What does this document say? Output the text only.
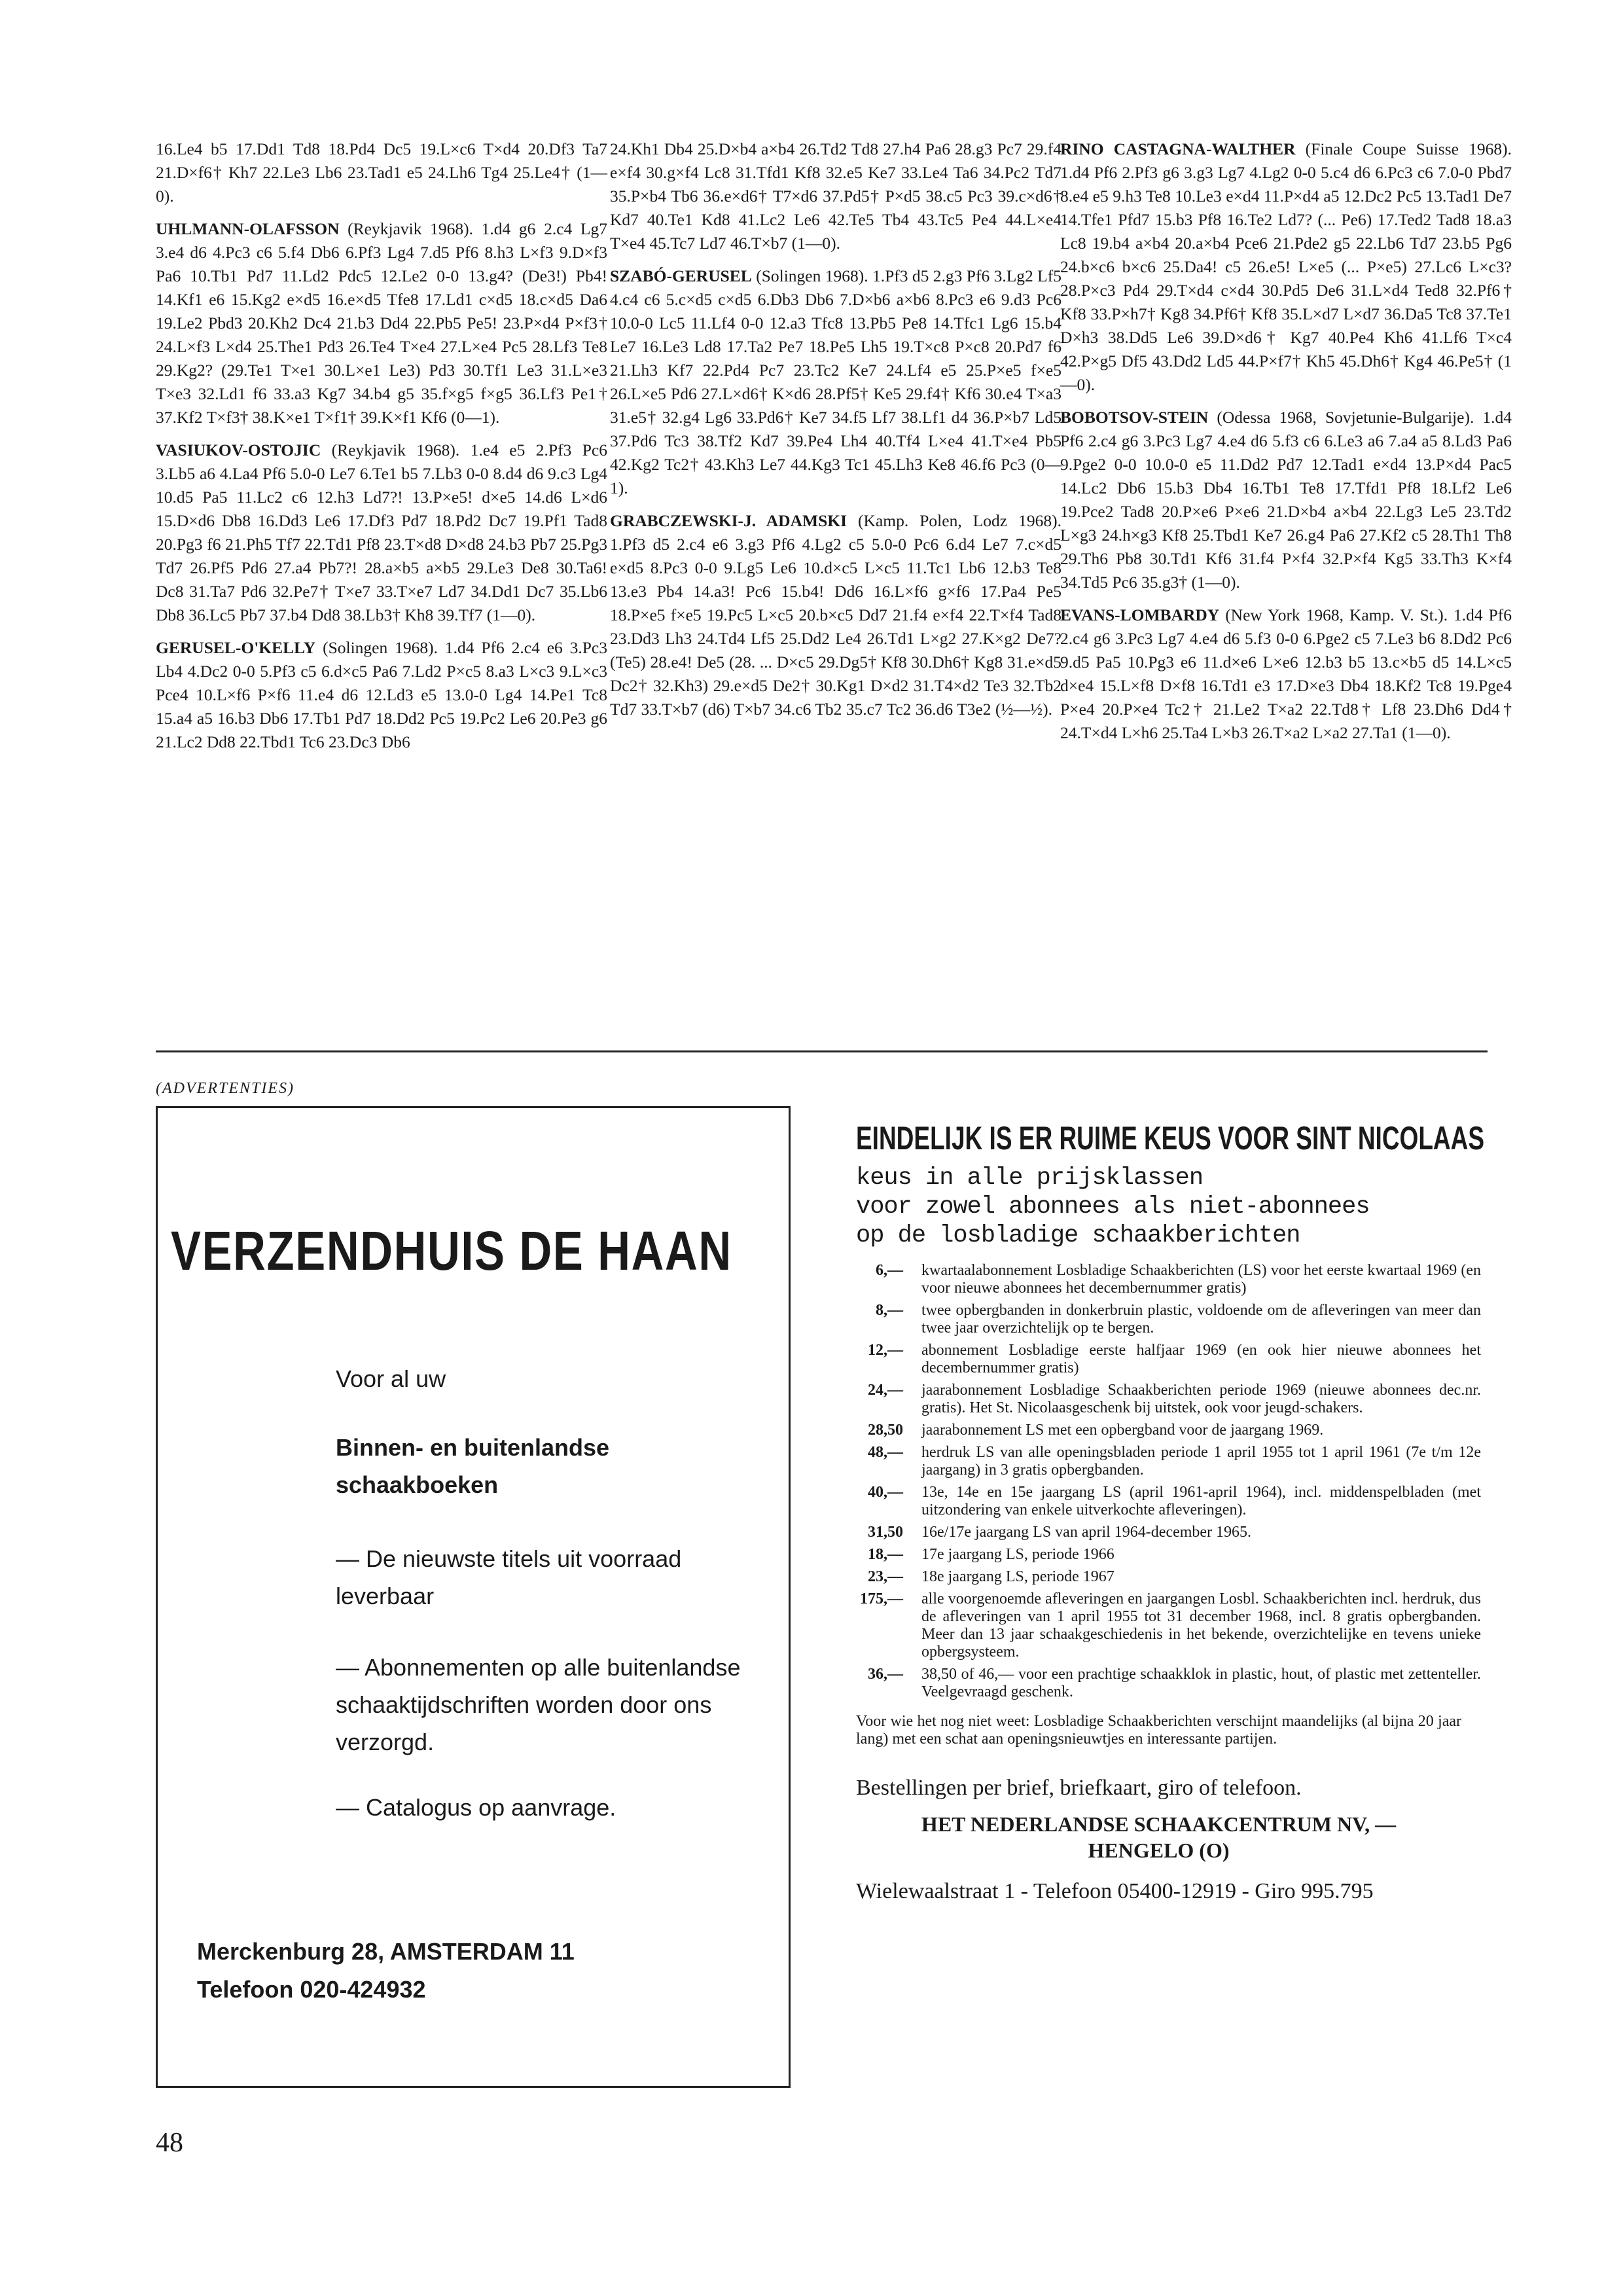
16.Le4 b5 17.Dd1 Td8 18.Pd4 Dc5 19.L×c6 T×d4 20.Df3 Ta7 21.D×f6† Kh7 22.Le3 Lb6 23.Tad1 e5 24.Lh6 Tg4 25.Le4† (1—0).

UHLMANN-OLAFSSON (Reykjavik 1968). 1.d4 g6 2.c4 Lg7 3.e4 d6 4.Pc3 c6 5.f4 Db6 6.Pf3 Lg4 7.d5 Pf6 8.h3 L×f3 9.D×f3 Pa6 10.Tb1 Pd7 11.Ld2 Pdc5 12.Le2 0-0 13.g4? (De3!) Pb4! 14.Kf1 e6 15.Kg2 e×d5 16.e×d5 Tfe8 17.Ld1 c×d5 18.c×d5 Da6 19.Le2 Pbd3 20.Kh2 Dc4 21.b3 Dd4 22.Pb5 Pe5! 23.P×d4 P×f3† 24.L×f3 L×d4 25.The1 Pd3 26.Te4 T×e4 27.L×e4 Pc5 28.Lf3 Te8 29.Kg2? (29.Te1 T×e1 30.L×e1 Le3) Pd3 30.Tf1 Le3 31.L×e3 T×e3 32.Ld1 f6 33.a3 Kg7 34.b4 g5 35.f×g5 f×g5 36.Lf3 Pe1† 37.Kf2 T×f3† 38.K×e1 T×f1† 39.K×f1 Kf6 (0—1).

VASIUKOV-OSTOJIC (Reykjavik 1968). 1.e4 e5 2.Pf3 Pc6 3.Lb5 a6 4.La4 Pf6 5.0-0 Le7 6.Te1 b5 7.Lb3 0-0 8.d4 d6 9.c3 Lg4 10.d5 Pa5 11.Lc2 c6 12.h3 Ld7?! 13.P×e5! d×e5 14.d6 L×d6 15.D×d6 Db8 16.Dd3 Le6 17.Df3 Pd7 18.Pd2 Dc7 19.Pf1 Tad8 20.Pg3 f6 21.Ph5 Tf7 22.Td1 Pf8 23.T×d8 D×d8 24.b3 Pb7 25.Pg3 Td7 26.Pf5 Pd6 27.a4 Pb7?! 28.a×b5 a×b5 29.Le3 De8 30.Ta6! Dc8 31.Ta7 Pd6 32.Pe7† T×e7 33.T×e7 Ld7 34.Dd1 Dc7 35.Lb6 Db8 36.Lc5 Pb7 37.b4 Dd8 38.Lb3† Kh8 39.Tf7 (1—0).

GERUSEL-O'KELLY (Solingen 1968). 1.d4 Pf6 2.c4 e6 3.Pc3 Lb4 4.Dc2 0-0 5.Pf3 c5 6.d×c5 Pa6 7.Ld2 P×c5 8.a3 L×c3 9.L×c3 Pce4 10.L×f6 P×f6 11.e4 d6 12.Ld3 e5 13.0-0 Lg4 14.Pe1 Tc8 15.a4 a5 16.b3 Db6 17.Tb1 Pd7 18.Dd2 Pc5 19.Pc2 Le6 20.Pe3 g6 21.Lc2 Dd8 22.Tbd1 Tc6 23.Dc3 Db6

24.Kh1 Db4 25.D×b4 a×b4 26.Td2 Td8 27.h4 Pa6 28.g3 Pc7 29.f4 e×f4 30.g×f4 Lc8 31.Tfd1 Kf8 32.e5 Ke7 33.Le4 Ta6 34.Pc2 Td7 35.P×b4 Tb6 36.e×d6† T7×d6 37.Pd5† P×d5 38.c5 Pc3 39.c×d6† Kd7 40.Te1 Kd8 41.Lc2 Le6 42.Te5 Tb4 43.Tc5 Pe4 44.L×e4 T×e4 45.Tc7 Ld7 46.T×b7 (1—0).

SZABÓ-GERUSEL (Solingen 1968). 1.Pf3 d5 2.g3 Pf6 3.Lg2 Lf5 4.c4 c6 5.c×d5 c×d5 6.Db3 Db6 7.D×b6 a×b6 8.Pc3 e6 9.d3 Pc6 10.0-0 Lc5 11.Lf4 0-0 12.a3 Tfc8 13.Pb5 Pe8 14.Tfc1 Lg6 15.b4 Le7 16.Le3 Ld8 17.Ta2 Pe7 18.Pe5 Lh5 19.T×c8 P×c8 20.Pd7 f6 21.Lh3 Kf7 22.Pd4 Pc7 23.Tc2 Ke7 24.Lf4 e5 25.P×e5 f×e5 26.L×e5 Pd6 27.L×d6† K×d6 28.Pf5† Ke5 29.f4† Kf6 30.e4 T×a3 31.e5† 32.g4 Lg6 33.Pd6† Ke7 34.f5 Lf7 38.Lf1 d4 36.P×b7 Ld5 37.Pd6 Tc3 38.Tf2 Kd7 39.Pe4 Lh4 40.Tf4 L×e4 41.T×e4 Pb5 42.Kg2 Tc2† 43.Kh3 Le7 44.Kg3 Tc1 45.Lh3 Ke8 46.f6 Pc3 (0—1).

GRABCZEWSKI-J. ADAMSKI (Kamp. Polen, Lodz 1968). 1.Pf3 d5 2.c4 e6 3.g3 Pf6 4.Lg2 c5 5.0-0 Pc6 6.d4 Le7 7.c×d5 e×d5 8.Pc3 0-0 9.Lg5 Le6 10.d×c5 L×c5 11.Tc1 Lb6 12.b3 Te8 13.e3 Pb4 14.a3! Pc6 15.b4! Dd6 16.L×f6 g×f6 17.Pa4 Pe5 18.P×e5 f×e5 19.Pc5 L×c5 20.b×c5 Dd7 21.f4 e×f4 22.T×f4 Tad8 23.Dd3 Lh3 24.Td4 Lf5 25.Dd2 Le4 26.Td1 L×g2 27.K×g2 De7? (Te5) 28.e4! De5 (28. ... D×c5 29.Dg5† Kf8 30.Dh6† Kg8 31.e×d5 Dc2† 32.Kh3) 29.e×d5 De2† 30.Kg1 D×d2 31.T4×d2 Te3 32.Tb2 Td7 33.T×b7 (d6) T×b7 34.c6 Tb2 35.c7 Tc2 36.d6 T3e2 (½—½).

RINO CASTAGNA-WALTHER (Finale Coupe Suisse 1968). 1.d4 Pf6 2.Pf3 g6 3.g3 Lg7 4.Lg2 0-0 5.c4 d6 6.Pc3 c6 7.0-0 Pbd7 8.e4 e5 9.h3 Te8 10.Le3 e×d4 11.P×d4 a5 12.Dc2 Pc5 13.Tad1 De7 14.Tfe1 Pfd7 15.b3 Pf8 16.Te2 Ld7? (... Pe6) 17.Ted2 Tad8 18.a3 Lc8 19.b4 a×b4 20.a×b4 Pce6 21.Pde2 g5 22.Lb6 Td7 23.b5 Pg6 24.b×c6 b×c6 25.Da4! c5 26.e5! L×e5 (... P×e5) 27.Lc6 L×c3? 28.P×c3 Pd4 29.T×d4 c×d4 30.Pd5 De6 31.L×d4 Ted8 32.Pf6† Kf8 33.P×h7† Kg8 34.Pf6† Kf8 35.L×d7 L×d7 36.Da5 Tc8 37.Te1 D×h3 38.Dd5 Le6 39.D×d6† Kg7 40.Pe4 Kh6 41.Lf6 T×c4 42.P×g5 Df5 43.Dd2 Ld5 44.P×f7† Kh5 45.Dh6† Kg4 46.Pe5† (1—0).

BOBOTSOV-STEIN (Odessa 1968, Sovjetunie-Bulgarije). 1.d4 Pf6 2.c4 g6 3.Pc3 Lg7 4.e4 d6 5.f3 c6 6.Le3 a6 7.a4 a5 8.Ld3 Pa6 9.Pge2 0-0 10.0-0 e5 11.Dd2 Pd7 12.Tad1 e×d4 13.P×d4 Pac5 14.Lc2 Db6 15.b3 Db4 16.Tb1 Te8 17.Tfd1 Pf8 18.Lf2 Le6 19.Pce2 Tad8 20.P×e6 P×e6 21.D×b4 a×b4 22.Lg3 Le5 23.Td2 L×g3 24.h×g3 Kf8 25.Tbd1 Ke7 26.g4 Pa6 27.Kf2 c5 28.Th1 Th8 29.Th6 Pb8 30.Td1 Kf6 31.f4 P×f4 32.P×f4 Kg5 33.Th3 K×f4 34.Td5 Pc6 35.g3† (1—0).

EVANS-LOMBARDY (New York 1968, Kamp. V. St.). 1.d4 Pf6 2.c4 g6 3.Pc3 Lg7 4.e4 d6 5.f3 0-0 6.Pge2 c5 7.Le3 b6 8.Dd2 Pc6 9.d5 Pa5 10.Pg3 e6 11.d×e6 L×e6 12.b3 b5 13.c×b5 d5 14.L×c5 d×e4 15.L×f8 D×f8 16.Td1 e3 17.D×e3 Db4 18.Kf2 Tc8 19.Pge4 P×e4 20.P×e4 Tc2† 21.Le2 T×a2 22.Td8† Lf8 23.Dh6 Dd4† 24.T×d4 L×h6 25.Ta4 L×b3 26.T×a2 L×a2 27.Ta1 (1—0).

(ADVERTENTIES)
VERZENDHUIS DE HAAN
Voor al uw
Binnen- en buitenlandse schaakboeken
— De nieuwste titels uit voorraad leverbaar
— Abonnementen op alle buitenlandse schaaktijdschriften worden door ons verzorgd.
— Catalogus op aanvrage.
Merckenburg 28, AMSTERDAM 11
Telefoon 020-424932
EINDELIJK IS ER RUIME KEUS VOOR SINT NICOLAAS
keus in alle prijsklassen
voor zowel abonnees als niet-abonnees
op de losbladige schaakberichten
6,—	kwartaalabonnement Losbladige Schaakberichten (LS) voor het eerste kwartaal 1969 (en voor nieuwe abonnees het decembernummer gratis)
8,—	twee opbergbanden in donkerbruin plastic, voldoende om de afleveringen van meer dan twee jaar overzichtelijk op te bergen.
12,—	abonnement Losbladige eerste halfjaar 1969 (en ook hier nieuwe abonnees het decembernummer gratis)
24,—	jaarabonnement Losbladige Schaakberichten periode 1969 (nieuwe abonnees dec.nr. gratis). Het St. Nicolaasgeschenk bij uitstek, ook voor jeugd-schakers.
28,50	jaarabonnement LS met een opbergband voor de jaargang 1969.
48,—	herdruk LS van alle openingsbladen periode 1 april 1955 tot 1 april 1961 (7e t/m 12e jaargang) in 3 gratis opbergbanden.
40,—	13e, 14e en 15e jaargang LS (april 1961-april 1964), incl. middenspelbladen (met uitzondering van enkele uitverkochte afleveringen).
31,50	16e/17e jaargang LS van april 1964-december 1965.
18,—	17e jaargang LS, periode 1966
23,—	18e jaargang LS, periode 1967
175,—	alle voorgenoemde afleveringen en jaargangen Losbl. Schaakberichten incl. herdruk, dus de afleveringen van 1 april 1955 tot 31 december 1968, incl. 8 gratis opbergbanden. Meer dan 13 jaar schaakgeschiedenis in het bekende, overzichtelijke en tevens unieke opbergsysteem.
36,—	38,50 of 46,— voor een prachtige schaakklok in plastic, hout, of plastic met zettenteller. Veelgevraagd geschenk.
Voor wie het nog niet weet: Losbladige Schaakberichten verschijnt maandelijks (al bijna 20 jaar lang) met een schat aan openingsnieuwtjes en interessante partijen.
Bestellingen per brief, briefkaart, giro of telefoon.
HET NEDERLANDSE SCHAAKCENTRUM NV, —
HENGELO (O)
Wielewaalstraat 1 - Telefoon 05400-12919 - Giro 995.795
48
